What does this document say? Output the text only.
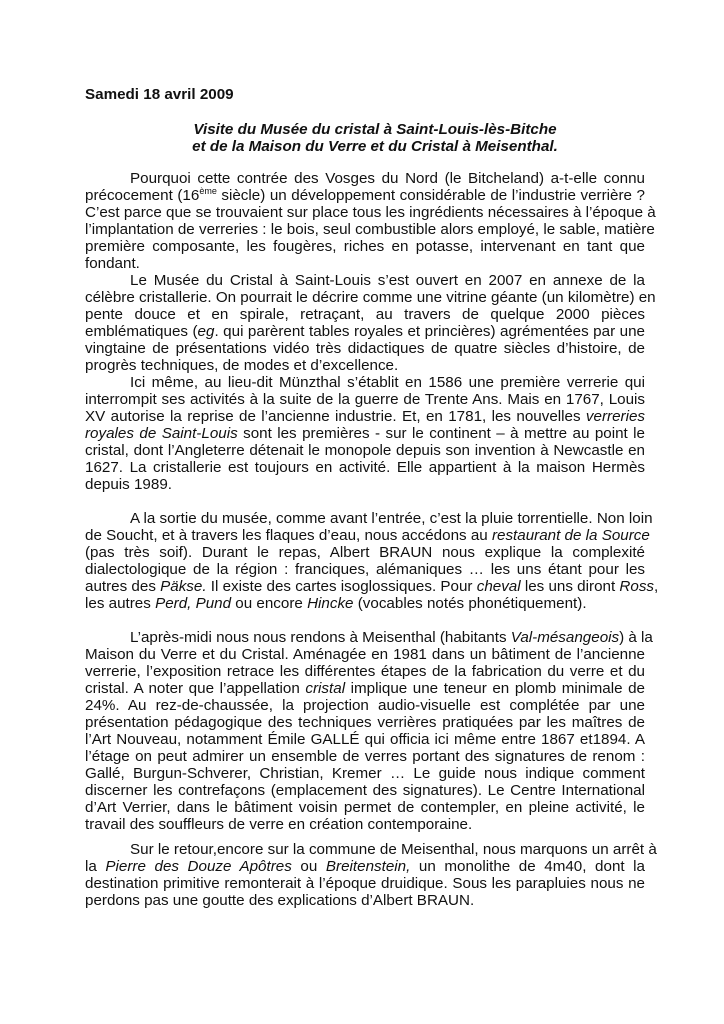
Samedi 18 avril 2009
Visite du Musée du cristal à Saint-Louis-lès-Bitche
et de la Maison du Verre et du Cristal à Meisenthal.
Pourquoi cette contrée des Vosges du Nord (le Bitcheland) a-t-elle connu
précocement (16ème siècle) un développement considérable de l’industrie verrière ?
C’est parce que se trouvaient sur place tous les ingrédients nécessaires à l’époque à
l’implantation de verreries : le bois, seul combustible alors employé, le sable, matière
première composante, les fougères, riches en potasse, intervenant en tant que
fondant.
Le Musée du Cristal à Saint-Louis s’est ouvert en 2007 en annexe de la
célèbre cristallerie. On pourrait le décrire comme une vitrine géante (un kilomètre) en
pente douce et en spirale, retraçant, au travers de quelque 2000 pièces
emblématiques (eg. qui parèrent tables royales et princières) agrémentées par une
vingtaine de présentations vidéo très didactiques de quatre siècles d’histoire, de
progrès techniques, de modes et d’excellence.
Ici même, au lieu-dit Münzthal s’établit en 1586 une première verrerie qui
interrompit ses activités à la suite de la guerre de Trente Ans. Mais en 1767, Louis
XV autorise la reprise de l’ancienne industrie. Et, en 1781, les nouvelles verreries
royales de Saint-Louis sont les premières - sur le continent – à mettre au point le
cristal, dont l’Angleterre détenait le monopole depuis son invention à Newcastle en
1627. La cristallerie est toujours en activité. Elle appartient à la maison Hermès
depuis 1989.
A la sortie du musée, comme avant l’entrée, c’est la pluie torrentielle. Non loin
de Soucht, et à travers les flaques d’eau, nous accédons au restaurant de la Source
(pas très soif). Durant le repas, Albert BRAUN nous explique la complexité
dialectologique de la région : franciques, alémaniques … les uns étant pour les
autres des Päkse. Il existe des cartes isoglossiques. Pour cheval les uns diront Ross,
les autres Perd, Pund ou encore Hincke (vocables notés phonétiquement).
L’après-midi nous nous rendons à Meisenthal (habitants Val-mésangeois) à la
Maison du Verre et du Cristal. Aménagée en 1981 dans un bâtiment de l’ancienne
verrerie, l’exposition retrace les différentes étapes de la fabrication du verre et du
cristal. A noter que l’appellation cristal implique une teneur en plomb minimale de
24%. Au rez-de-chaussée, la projection audio-visuelle est complétée par une
présentation pédagogique des techniques verrières pratiquées par les maîtres de
l’Art Nouveau, notamment Émile GALLÉ qui officia ici même entre 1867 et1894. A
l’étage on peut admirer un ensemble de verres portant des signatures de renom :
Gallé, Burgun-Schverer, Christian, Kremer … Le guide nous indique comment
discerner les contrefaçons (emplacement des signatures). Le Centre International
d’Art Verrier, dans le bâtiment voisin permet de contempler, en pleine activité, le
travail des souffleurs de verre en création contemporaine.
Sur le retour,encore sur la commune de Meisenthal, nous marquons un arrêt à
la Pierre des Douze Apôtres ou Breitenstein, un monolithe de 4m40, dont la
destination primitive remonterait à l’époque druidique. Sous les parapluies nous ne
perdons pas une goutte des explications d’Albert BRAUN.
